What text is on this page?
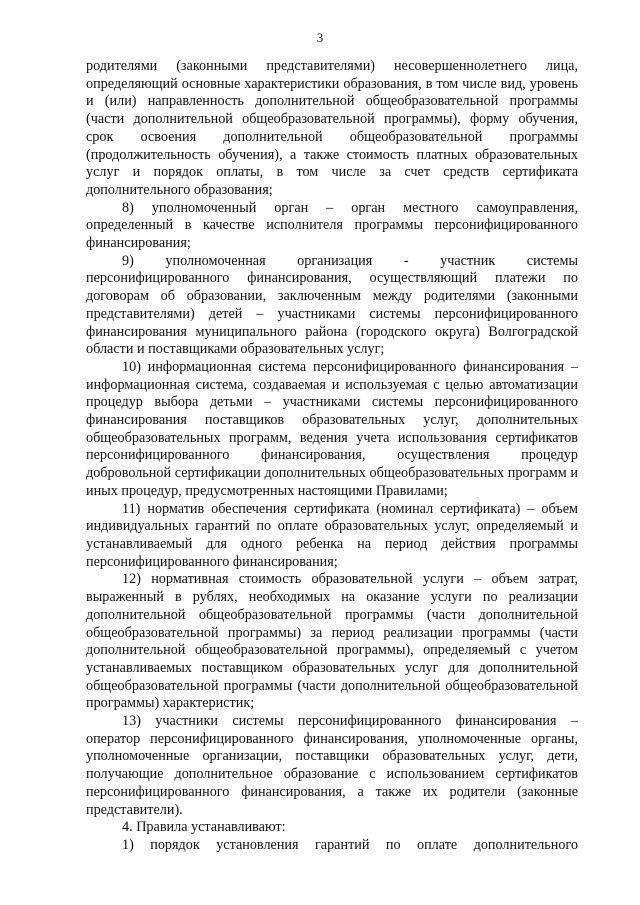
3

родителями (законными представителями) несовершеннолетнего лица, определяющий основные характеристики образования, в том числе вид, уровень и (или) направленность дополнительной общеобразовательной программы (части дополнительной общеобразовательной программы), форму обучения, срок освоения дополнительной общеобразовательной программы (продолжительность обучения), а также стоимость платных образовательных услуг и порядок оплаты, в том числе за счет средств сертификата дополнительного образования;

8) уполномоченный орган – орган местного самоуправления, определенный в качестве исполнителя программы персонифицированного финансирования;

9) уполномоченная организация - участник системы персонифицированного финансирования, осуществляющий платежи по договорам об образовании, заключенным между родителями (законными представителями) детей – участниками системы персонифицированного финансирования муниципального района (городского округа) Волгоградской области и поставщиками образовательных услуг;

10) информационная система персонифицированного финансирования – информационная система, создаваемая и используемая с целью автоматизации процедур выбора детьми – участниками системы персонифицированного финансирования поставщиков образовательных услуг, дополнительных общеобразовательных программ, ведения учета использования сертификатов персонифицированного финансирования, осуществления процедур добровольной сертификации дополнительных общеобразовательных программ и иных процедур, предусмотренных настоящими Правилами;

11) норматив обеспечения сертификата (номинал сертификата) – объем индивидуальных гарантий по оплате образовательных услуг, определяемый и устанавливаемый для одного ребенка на период действия программы персонифицированного финансирования;

12) нормативная стоимость образовательной услуги – объем затрат, выраженный в рублях, необходимых на оказание услуги по реализации дополнительной общеобразовательной программы (части дополнительной общеобразовательной программы) за период реализации программы (части дополнительной общеобразовательной программы), определяемый с учетом устанавливаемых поставщиком образовательных услуг для дополнительной общеобразовательной программы (части дополнительной общеобразовательной программы) характеристик;

13) участники системы персонифицированного финансирования – оператор персонифицированного финансирования, уполномоченные органы, уполномоченные организации, поставщики образовательных услуг, дети, получающие дополнительное образование с использованием сертификатов персонифицированного финансирования, а также их родители (законные представители).

4. Правила устанавливают:

1) порядок установления гарантий по оплате дополнительного
